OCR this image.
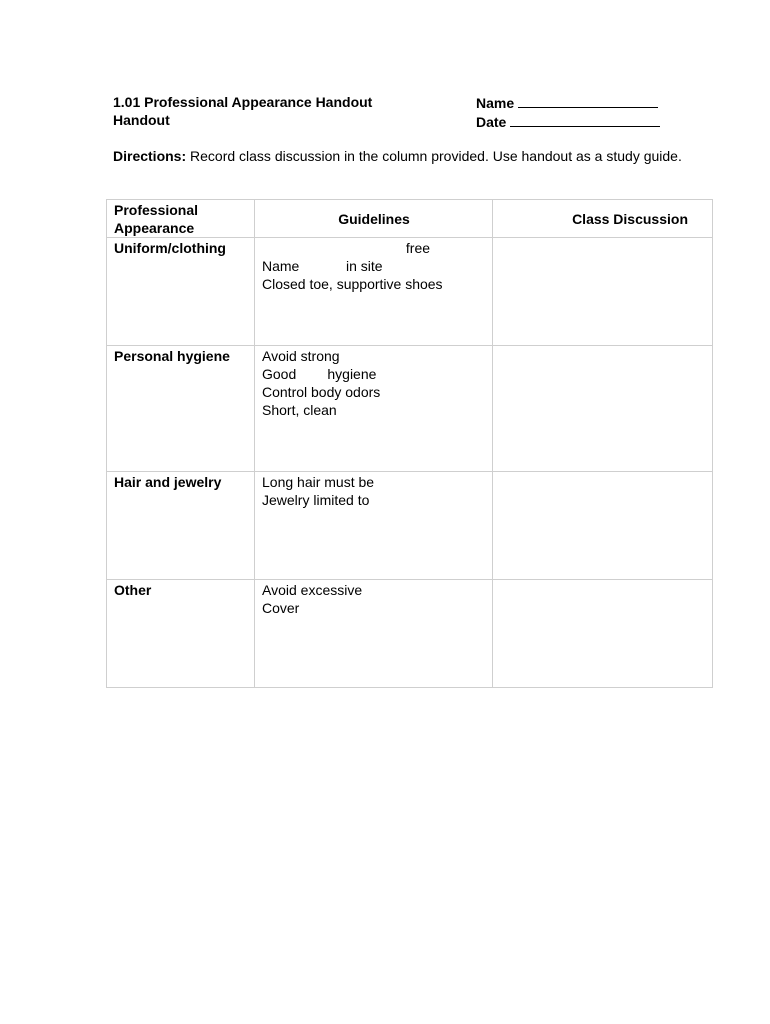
1.01 Professional Appearance Handout
Handout
Name
Date
Directions: Record class discussion in the column provided. Use handout as a study guide.
Professional Appearance	Guidelines	Class Discussion
Uniform/clothing	free
Name            in site
Closed toe, supportive shoes	

Personal hygiene	Avoid strong
Good        hygiene
Control body odors
Short, clean	

Hair and jewelry	Long hair must be
Jewelry limited to	

Other	Avoid excessive
Cover	
